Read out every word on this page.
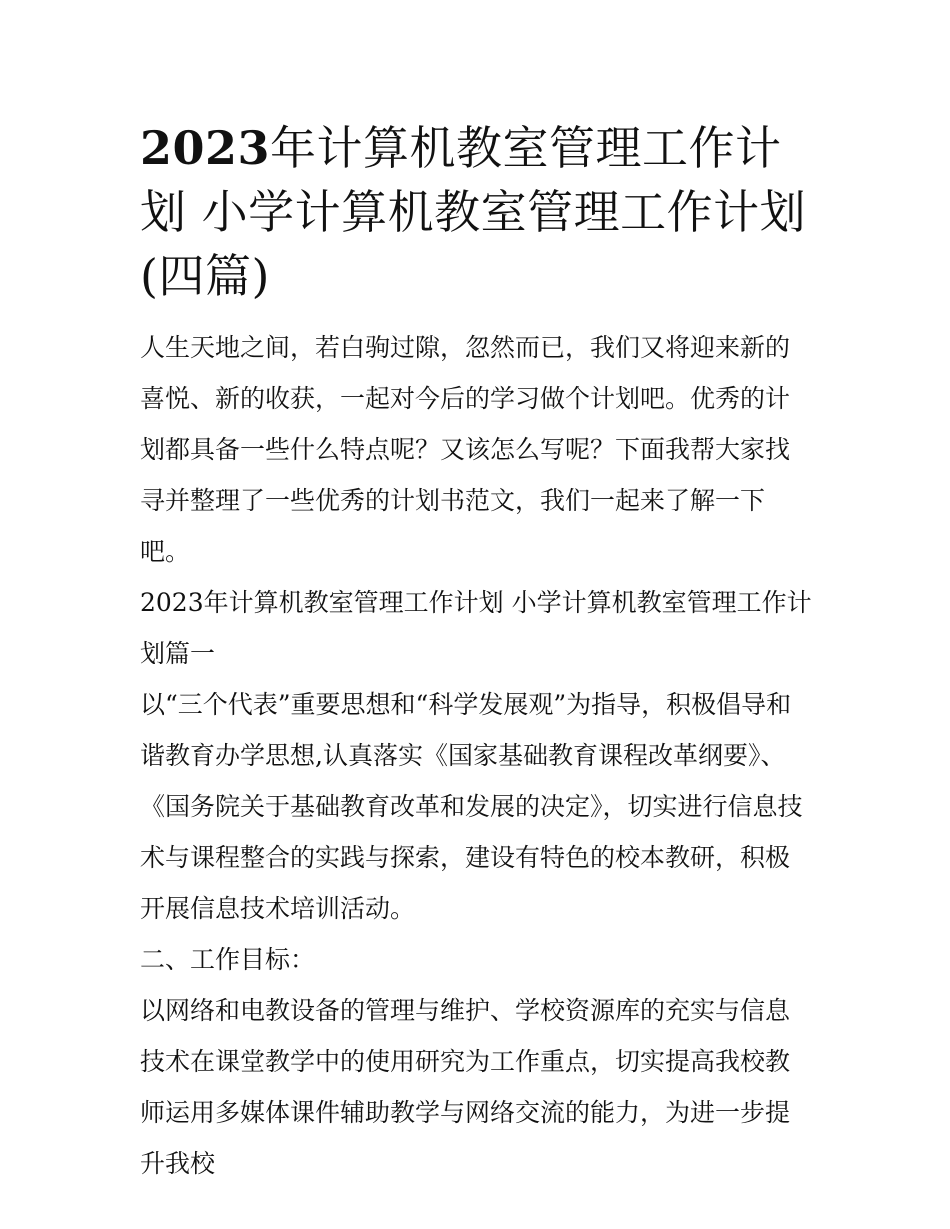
2023年计算机教室管理工作计划 小学计算机教室管理工作计划(四篇)

人生天地之间，若白驹过隙，忽然而已，我们又将迎来新的喜悦、新的收获，一起对今后的学习做个计划吧。优秀的计划都具备一些什么特点呢？又该怎么写呢？下面我帮大家找寻并整理了一些优秀的计划书范文，我们一起来了解一下吧。

2023年计算机教室管理工作计划 小学计算机教室管理工作计划篇一

以“三个代表”重要思想和“科学发展观”为指导，积极倡导和谐教育办学思想,认真落实《国家基础教育课程改革纲要》、《国务院关于基础教育改革和发展的决定》，切实进行信息技术与课程整合的实践与探索，建设有特色的校本教研，积极开展信息技术培训活动。

二、工作目标：

以网络和电教设备的管理与维护、学校资源库的充实与信息技术在课堂教学中的使用研究为工作重点，切实提高我校教师运用多媒体课件辅助教学与网络交流的能力，为进一步提升我校
